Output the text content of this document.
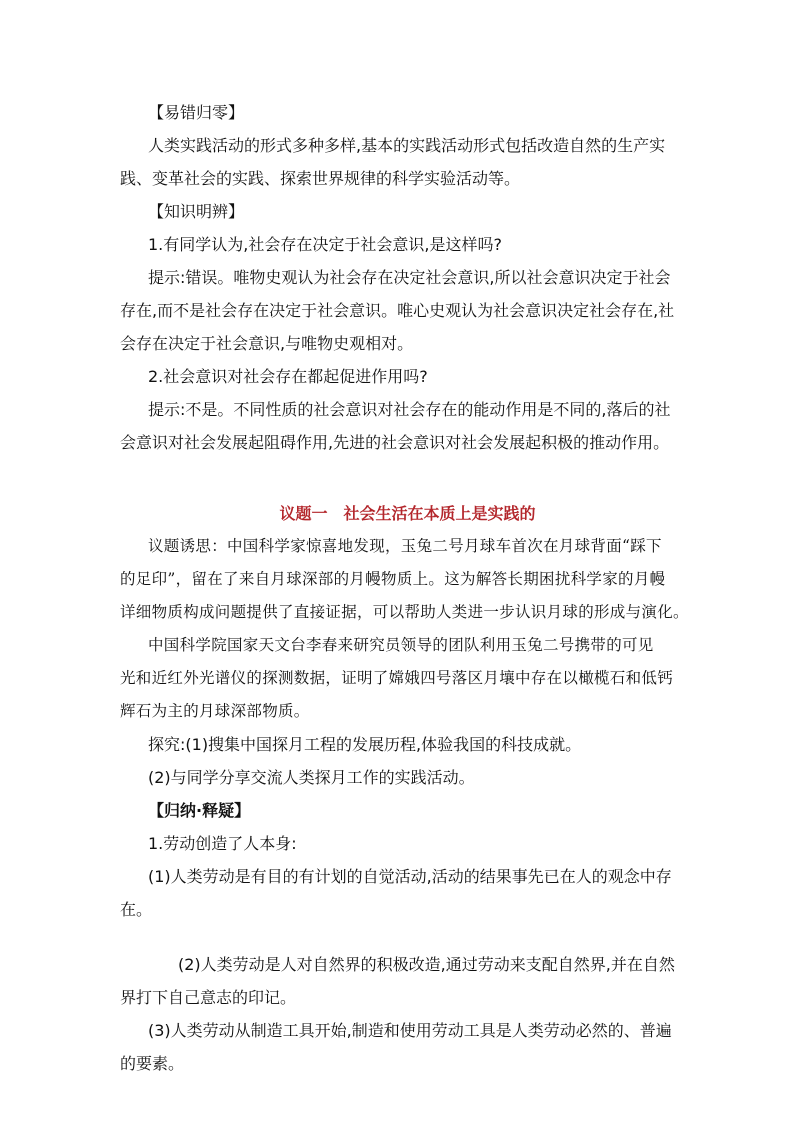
【易错归零】
人类实践活动的形式多种多样,基本的实践活动形式包括改造自然的生产实
践、变革社会的实践、探索世界规律的科学实验活动等。
【知识明辨】
1.有同学认为,社会存在决定于社会意识,是这样吗?
提示:错误。唯物史观认为社会存在决定社会意识,所以社会意识决定于社会
存在,而不是社会存在决定于社会意识。唯心史观认为社会意识决定社会存在,社
会存在决定于社会意识,与唯物史观相对。
2.社会意识对社会存在都起促进作用吗?
提示:不是。不同性质的社会意识对社会存在的能动作用是不同的,落后的社
会意识对社会发展起阻碍作用,先进的社会意识对社会发展起积极的推动作用。
议题一　社会生活在本质上是实践的
议题诱思：中国科学家惊喜地发现，玉兔二号月球车首次在月球背面“踩下
的足印”，留在了来自月球深部的月幔物质上。这为解答长期困扰科学家的月幔
详细物质构成问题提供了直接证据，可以帮助人类进一步认识月球的形成与演化。
中国科学院国家天文台李春来研究员领导的团队利用玉兔二号携带的可见
光和近红外光谱仪的探测数据，证明了嫦娥四号落区月壤中存在以橄榄石和低钙
辉石为主的月球深部物质。
探究:(1)搜集中国探月工程的发展历程,体验我国的科技成就。
(2)与同学分享交流人类探月工作的实践活动。
【归纳·释疑】
1.劳动创造了人本身:
(1)人类劳动是有目的有计划的自觉活动,活动的结果事先已在人的观念中存
在。
(2)人类劳动是人对自然界的积极改造,通过劳动来支配自然界,并在自然
界打下自己意志的印记。
(3)人类劳动从制造工具开始,制造和使用劳动工具是人类劳动必然的、普遍
的要素。
